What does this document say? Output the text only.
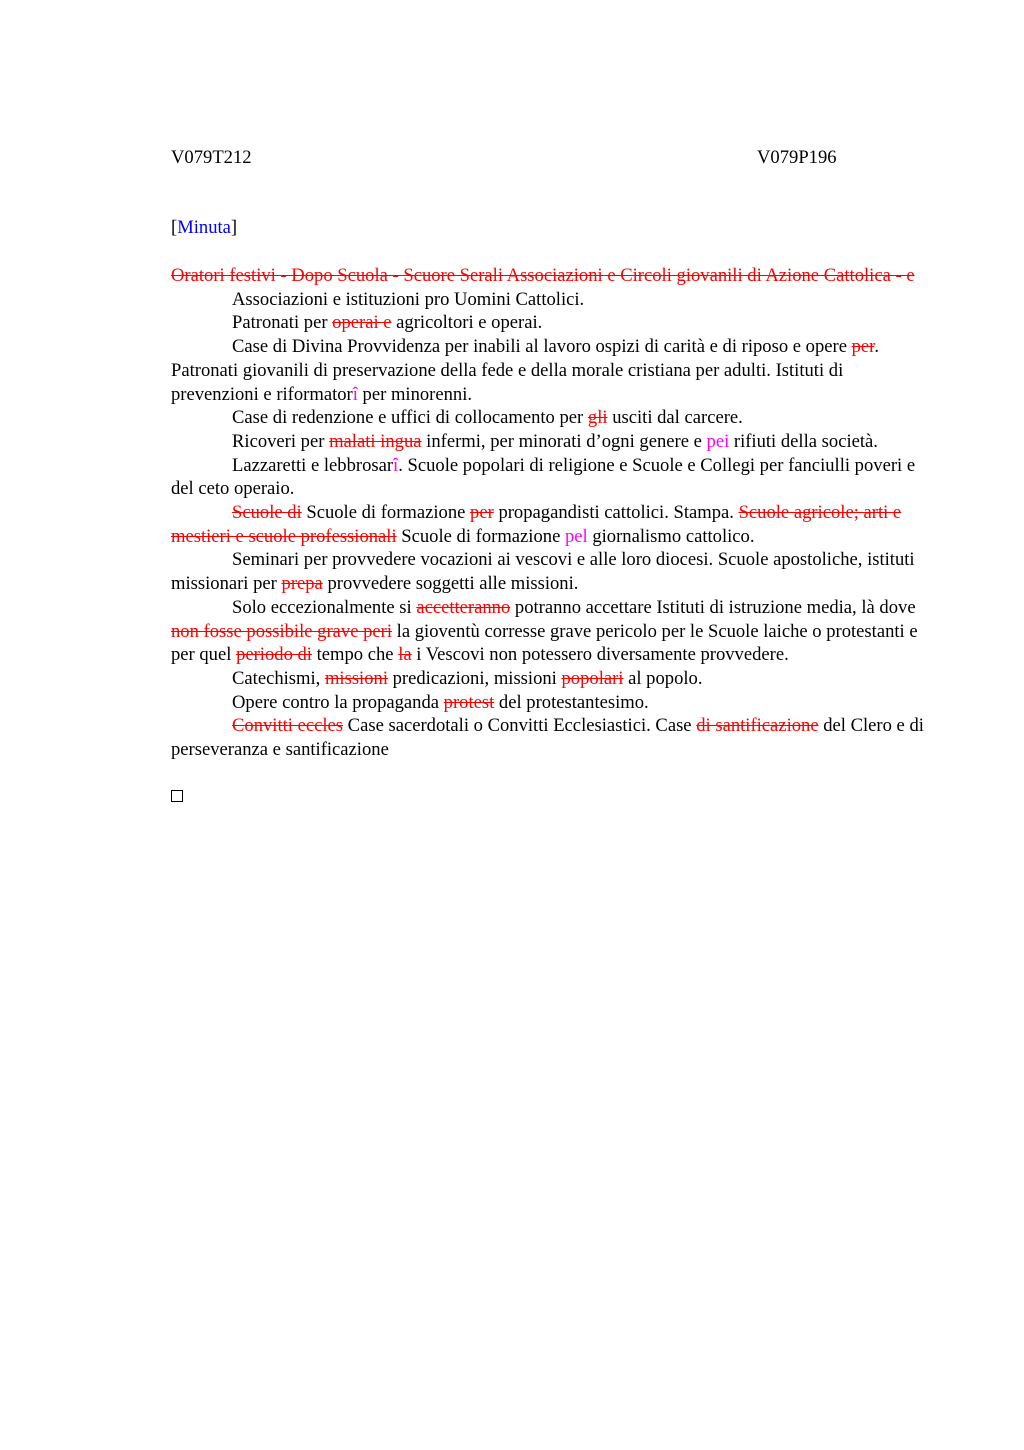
V079T212	V079P196
[Minuta]

Oratori festivi - Dopo Scuola - Scuore Serali Associazioni e Circoli giovanili di Azione Cattolica - e

Associazioni e istituzioni pro Uomini Cattolici.

Patronati per operai e agricoltori e operai.

Case di Divina Provvidenza per inabili al lavoro ospizi di carità e di riposo e opere per. Patronati giovanili di preservazione della fede e della morale cristiana per adulti. Istituti di prevenzioni e riformatorî per minorenni.

Case di redenzione e uffici di collocamento per gli usciti dal carcere.

Ricoveri per malati ingua infermi, per minorati d’ogni genere e pei rifiuti della società.

Lazzaretti e lebbrosarî. Scuole popolari di religione e Scuole e Collegi per fanciulli poveri e del ceto operaio.

Scuole di Scuole di formazione per propagandisti cattolici. Stampa. Scuole agricole; arti e mestieri e scuole professionali Scuole di formazione pel giornalismo cattolico.

Seminari per provvedere vocazioni ai vescovi e alle loro diocesi. Scuole apostoliche, istituti missionari per prepa provvedere soggetti alle missioni.

Solo eccezionalmente si accetteranno potranno accettare Istituti di istruzione media, là dove non fosse possibile grave peri la gioventù corresse grave pericolo per le Scuole laiche o protestanti e per quel periodo di tempo che la i Vescovi non potessero diversamente provvedere.

Catechismi, missioni predicazioni, missioni popolari al popolo.

Opere contro la propaganda protest del protestantesimo.

Convitti eccles Case sacerdotali o Convitti Ecclesiastici. Case di santificazione del Clero e di perseveranza e santificazione
